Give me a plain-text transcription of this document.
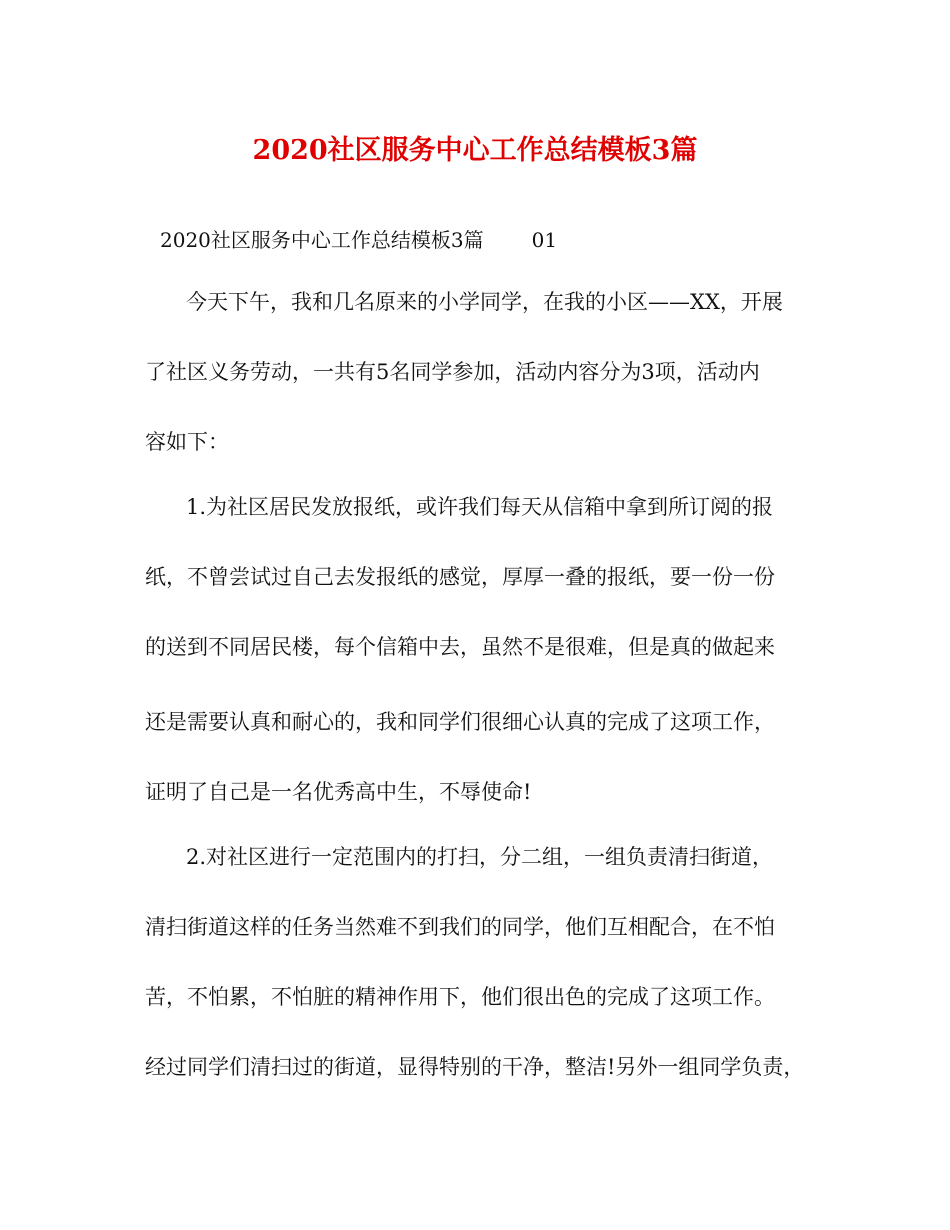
2020社区服务中心工作总结模板3篇
2020社区服务中心工作总结模板3篇 01
今天下午，我和几名原来的小学同学，在我的小区——XX，开展
了社区义务劳动，一共有5名同学参加，活动内容分为3项，活动内
容如下：
1.为社区居民发放报纸，或许我们每天从信箱中拿到所订阅的报
纸，不曾尝试过自己去发报纸的感觉，厚厚一叠的报纸，要一份一份
的送到不同居民楼，每个信箱中去，虽然不是很难，但是真的做起来
还是需要认真和耐心的，我和同学们很细心认真的完成了这项工作，
证明了自己是一名优秀高中生，不辱使命!
2.对社区进行一定范围内的打扫，分二组，一组负责清扫街道，
清扫街道这样的任务当然难不到我们的同学，他们互相配合，在不怕
苦，不怕累，不怕脏的精神作用下，他们很出色的完成了这项工作。
经过同学们清扫过的街道，显得特别的干净，整洁!另外一组同学负责，
